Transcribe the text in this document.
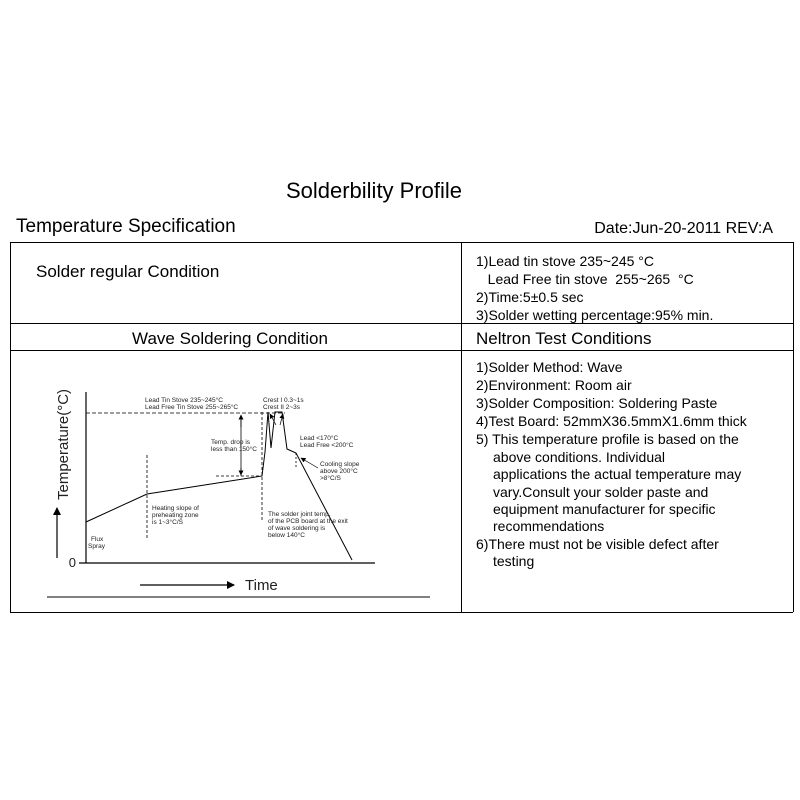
Solderbility Profile
Temperature Specification	Date:Jun-20-2011 REV:A
Solder regular Condition
1)Lead tin stove 235~245 °C
Lead Free tin stove  255~265  °C
2)Time:5±0.5 sec
3)Solder wetting percentage:95% min.
Wave Soldering Condition	Neltron Test Conditions
1)Solder Method: Wave
2)Environment: Room air
3)Solder Composition: Soldering Paste
4)Test Board: 52mmX36.5mmX1.6mm thick
5) This temperature profile is based on the
above conditions. Individual
applications the actual temperature may
vary.Consult your solder paste and
equipment manufacturer for specific
recommendations
6)There must not be visible defect after
testing
Temperature(°C)
0
Time
Lead Tin Stove 235~245°C
Lead Free Tin Stove 255~265°C
Crest I 0.3~1s
Crest II 2~3s
Temp. drop is
less than 150°C
Lead <170°C
Lead Free <200°C
Cooling slope
above 200°C
>8°C/S
Heating slope of
preheating zone
is 1~3°C/S
The solder joint temp.
of the PCB board at the exit
of wave soldering is
below 140°C
Flux
Spray
